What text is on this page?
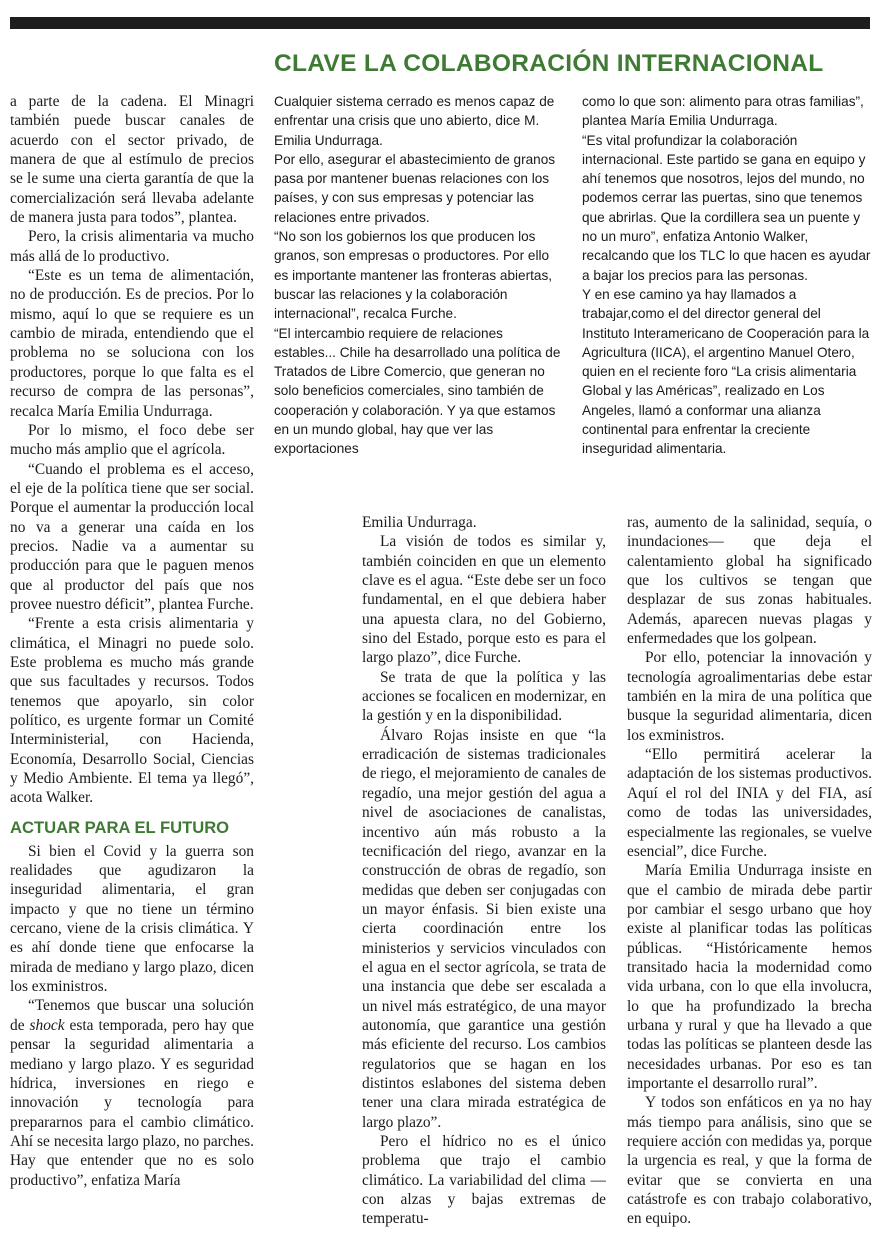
CLAVE LA COLABORACIÓN INTERNACIONAL

a parte de la cadena. El Minagri también puede buscar canales de acuerdo con el sector privado, de manera de que al estímulo de precios se le sume una cierta garantía de que la comercialización será llevaba adelante de manera justa para todos”, plantea.

Pero, la crisis alimentaria va mucho más allá de lo productivo.

“Este es un tema de alimentación, no de producción. Es de precios. Por lo mismo, aquí lo que se requiere es un cambio de mirada, entendiendo que el problema no se soluciona con los productores, porque lo que falta es el recurso de compra de las personas”, recalca María Emilia Undurraga.

Por lo mismo, el foco debe ser mucho más amplio que el agrícola.

“Cuando el problema es el acceso, el eje de la política tiene que ser social. Porque el aumentar la producción local no va a generar una caída en los precios. Nadie va a aumentar su producción para que le paguen menos que al productor del país que nos provee nuestro déficit”, plantea Furche.

“Frente a esta crisis alimentaria y climática, el Minagri no puede solo. Este problema es mucho más grande que sus facultades y recursos. Todos tenemos que apoyarlo, sin color político, es urgente formar un Comité Interministerial, con Hacienda, Economía, Desarrollo Social, Ciencias y Medio Ambiente. El tema ya llegó”, acota Walker.

ACTUAR PARA EL FUTURO

Si bien el Covid y la guerra son realidades que agudizaron la inseguridad alimentaria, el gran impacto y que no tiene un término cercano, viene de la crisis climática. Y es ahí donde tiene que enfocarse la mirada de mediano y largo plazo, dicen los exministros.

“Tenemos que buscar una solución de shock esta temporada, pero hay que pensar la seguridad alimentaria a mediano y largo plazo. Y es seguridad hídrica, inversiones en riego e innovación y tecnología para prepararnos para el cambio climático. Ahí se necesita largo plazo, no parches. Hay que entender que no es solo productivo”, enfatiza María

Cualquier sistema cerrado es menos capaz de enfrentar una crisis que uno abierto, dice M. Emilia Undurraga.

Por ello, asegurar el abastecimiento de granos pasa por mantener buenas relaciones con los países, y con sus empresas y potenciar las relaciones entre privados.

“No son los gobiernos los que producen los granos, son empresas o productores. Por ello es importante mantener las fronteras abiertas, buscar las relaciones y la colaboración internacional”, recalca Furche.

“El intercambio requiere de relaciones estables... Chile ha desarrollado una política de Tratados de Libre Comercio, que generan no solo beneficios comerciales, sino también de cooperación y colaboración. Y ya que estamos en un mundo global, hay que ver las exportaciones

como lo que son: alimento para otras familias”, plantea María Emilia Undurraga.

“Es vital profundizar la colaboración internacional. Este partido se gana en equipo y ahí tenemos que nosotros, lejos del mundo, no podemos cerrar las puertas, sino que tenemos que abrirlas. Que la cordillera sea un puente y no un muro”, enfatiza Antonio Walker, recalcando que los TLC lo que hacen es ayudar a bajar los precios para las personas.

Y en ese camino ya hay llamados a trabajar,como el del director general del Instituto Interamericano de Cooperación para la Agricultura (IICA), el argentino Manuel Otero, quien en el reciente foro “La crisis alimentaria Global y las Américas”, realizado en Los Angeles, llamó a conformar una alianza continental para enfrentar la creciente inseguridad alimentaria.

Emilia Undurraga.

La visión de todos es similar y, también coinciden en que un elemento clave es el agua. “Este debe ser un foco fundamental, en el que debiera haber una apuesta clara, no del Gobierno, sino del Estado, porque esto es para el largo plazo”, dice Furche.

Se trata de que la política y las acciones se focalicen en modernizar, en la gestión y en la disponibilidad.

Álvaro Rojas insiste en que “la erradicación de sistemas tradicionales de riego, el mejoramiento de canales de regadío, una mejor gestión del agua a nivel de asociaciones de canalistas, incentivo aún más robusto a la tecnificación del riego, avanzar en la construcción de obras de regadío, son medidas que deben ser conjugadas con un mayor énfasis. Si bien existe una cierta coordinación entre los ministerios y servicios vinculados con el agua en el sector agrícola, se trata de una instancia que debe ser escalada a un nivel más estratégico, de una mayor autonomía, que garantice una gestión más eficiente del recurso. Los cambios regulatorios que se hagan en los distintos eslabones del sistema deben tener una clara mirada estratégica de largo plazo”.

Pero el hídrico no es el único problema que trajo el cambio climático. La variabilidad del clima —con alzas y bajas extremas de temperatu-

ras, aumento de la salinidad, sequía, o inundaciones— que deja el calentamiento global ha significado que los cultivos se tengan que desplazar de sus zonas habituales. Además, aparecen nuevas plagas y enfermedades que los golpean.

Por ello, potenciar la innovación y tecnología agroalimentarias debe estar también en la mira de una política que busque la seguridad alimentaria, dicen los exministros.

“Ello permitirá acelerar la adaptación de los sistemas productivos. Aquí el rol del INIA y del FIA, así como de todas las universidades, especialmente las regionales, se vuelve esencial”, dice Furche.

María Emilia Undurraga insiste en que el cambio de mirada debe partir por cambiar el sesgo urbano que hoy existe al planificar todas las políticas públicas. “Históricamente hemos transitado hacia la modernidad como vida urbana, con lo que ella involucra, lo que ha profundizado la brecha urbana y rural y que ha llevado a que todas las políticas se planteen desde las necesidades urbanas. Por eso es tan importante el desarrollo rural”.

Y todos son enfáticos en ya no hay más tiempo para análisis, sino que se requiere acción con medidas ya, porque la urgencia es real, y que la forma de evitar que se convierta en una catástrofe es con trabajo colaborativo, en equipo.
